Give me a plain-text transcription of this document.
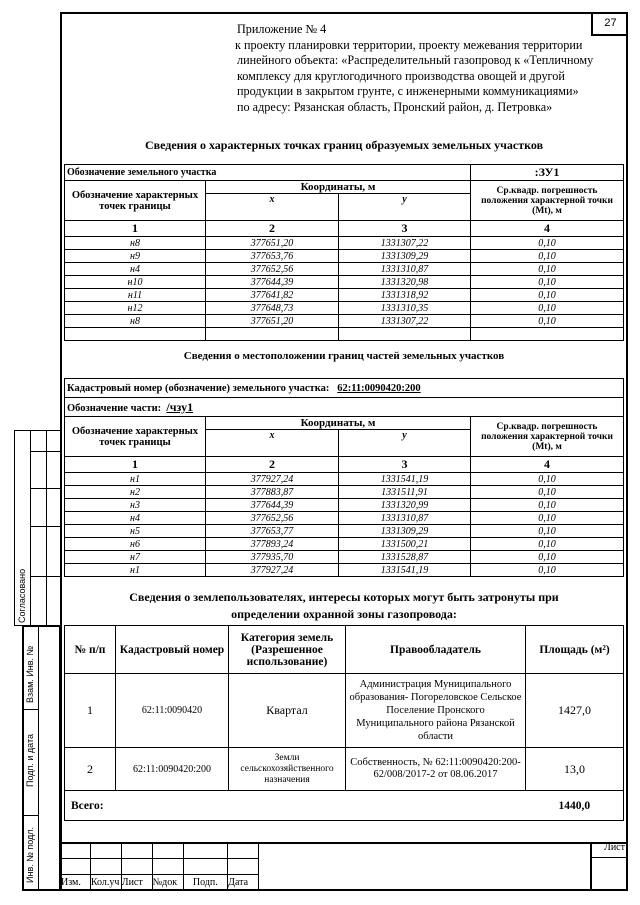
27
Приложение № 4
к проекту планировки территории, проекту межевания территории
линейного объекта: «Распределительный газопровод к «Тепличному
комплексу для круглогодичного производства овощей и другой
продукции в закрытом грунте, с инженерными коммуникациями»
по адресу: Рязанская область, Пронский район, д. Петровка»
Сведения о характерных точках границ образуемых земельных участков
Обозначение земельного участка			:ЗУ1
Обозначение характерных точек границы	Координаты, м		Ср.квадр. погрешность положения характерной точки (Mt), м
	x	y	
1	2	3	4
н8	377651,20	1331307,22	0,10
н9	377653,76	1331309,29	0,10
н4	377652,56	1331310,87	0,10
н10	377644,39	1331320,98	0,10
н11	377641,82	1331318,92	0,10
н12	377648,73	1331310,35	0,10
н8	377651,20	1331307,22	0,10

Сведения о местоположении границ частей земельных участков
Кадастровый номер (обозначение) земельного участка: 62:11:0090420:200			
Обозначение части: /чзу1			
Обозначение характерных точек границы	Координаты, м		Ср.квадр. погрешность положения характерной точки (Mt), м
	x	y	
1	2	3	4
н1	377927,24	1331541,19	0,10
н2	377883,87	1331511,91	0,10
н3	377644,39	1331320,99	0,10
н4	377652,56	1331310,87	0,10
н5	377653,77	1331309,29	0,10
н6	377893,24	1331500,21	0,10
н7	377935,70	1331528,87	0,10
н1	377927,24	1331541,19	0,10
Сведения о землепользователях, интересы которых могут быть затронуты при
определении охранной зоны газопровода:
№ п/п	Кадастровый номер	Категория земель (Разрешенное использование)	Правообладатель	Площадь (м²)
1	62:11:0090420	Квартал	Администрация Муниципального образования- Погореловское Сельское Поселение Пронского Муниципального района Рязанской области	1427,0
2	62:11:0090420:200	Земли сельскохозяйственного назначения	Собственность, № 62:11:0090420:200-62/008/2017-2 от 08.06.2017	13,0
Всего:				1440,0

Изм.	Кол.уч	Лист	№док	Подп.	Дата
Лист
Согласовано
Взам. Инв. №
Подп. и дата
Инв. № подл.
